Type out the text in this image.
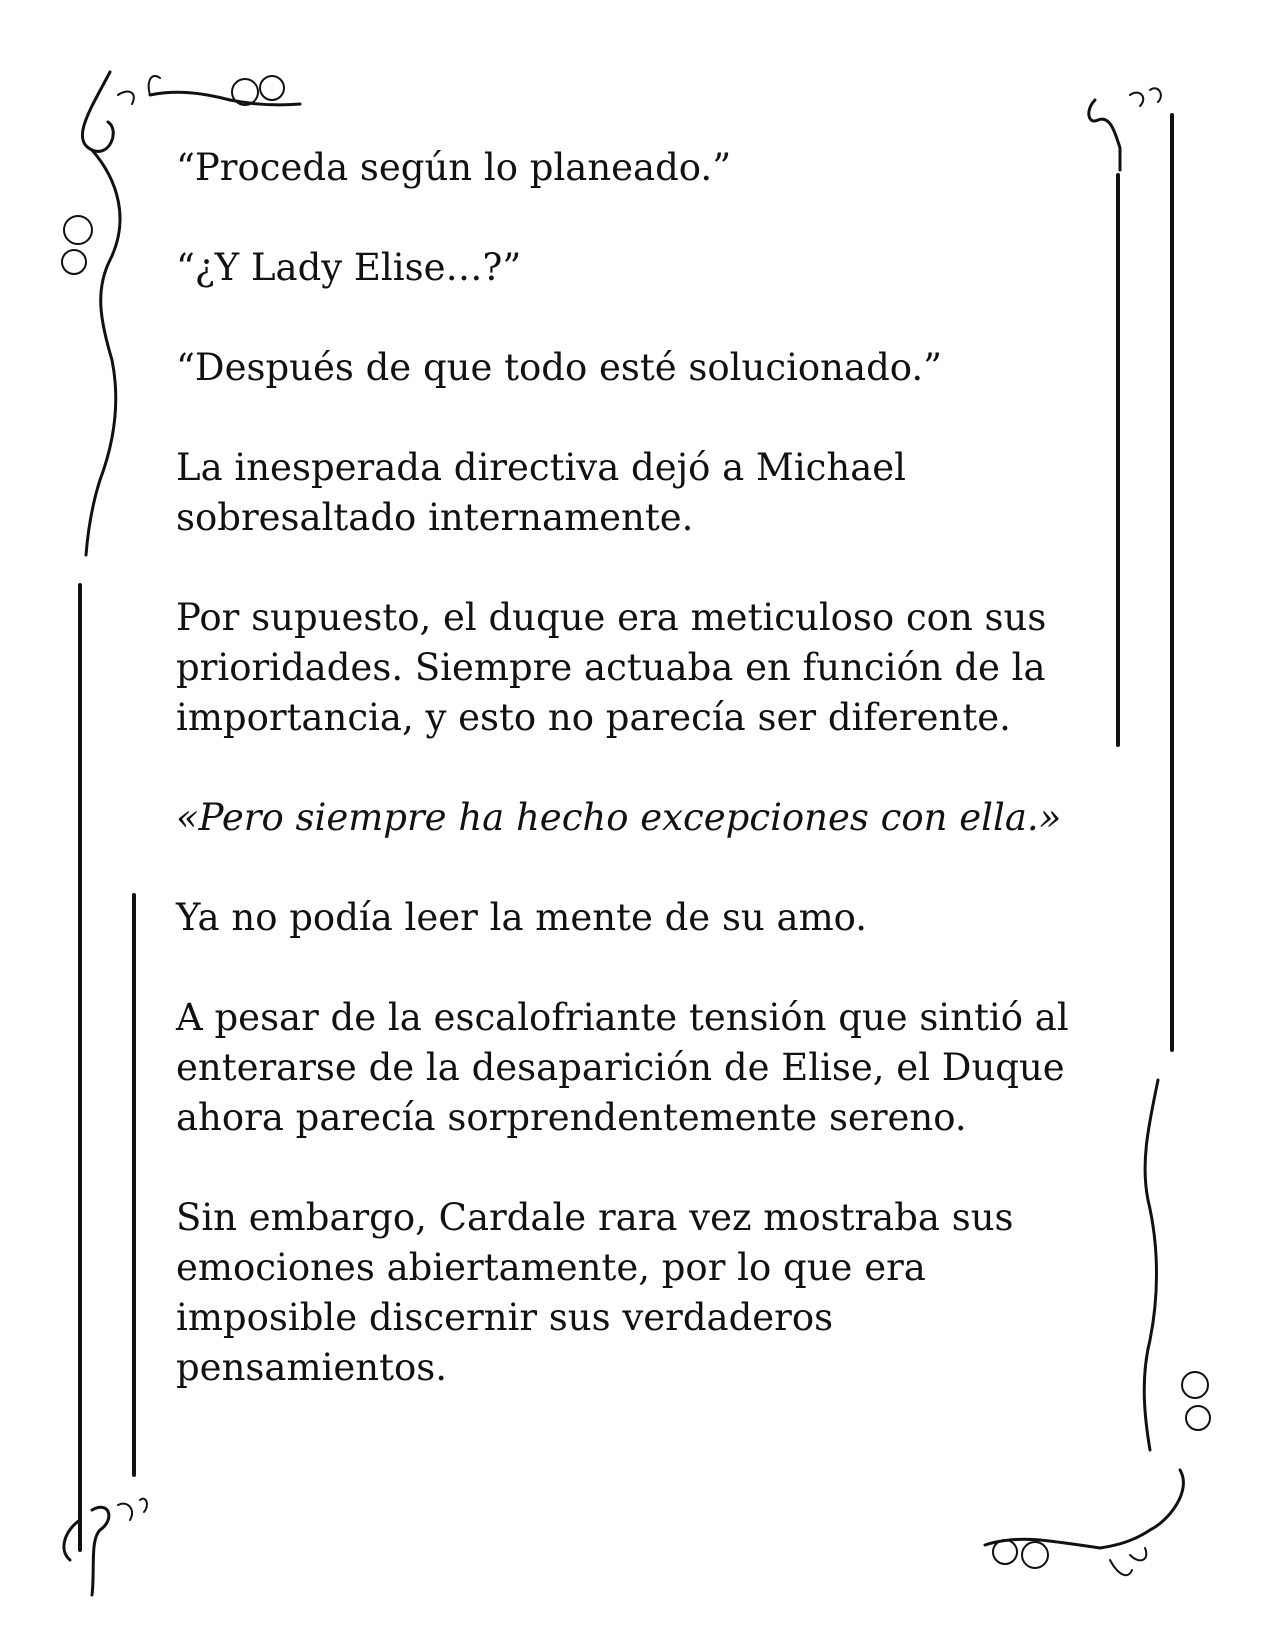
“Proceda según lo planeado.”

“¿Y Lady Elise…?”

“Después de que todo esté solucionado.”

La inesperada directiva dejó a Michael sobresaltado internamente.

Por supuesto, el duque era meticuloso con sus prioridades. Siempre actuaba en función de la importancia, y esto no parecía ser diferente.

«Pero siempre ha hecho excepciones con ella.»

Ya no podía leer la mente de su amo.

A pesar de la escalofriante tensión que sintió al enterarse de la desaparición de Elise, el Duque ahora parecía sorprendentemente sereno.

Sin embargo, Cardale rara vez mostraba sus emociones abiertamente, por lo que era imposible discernir sus verdaderos pensamientos.
